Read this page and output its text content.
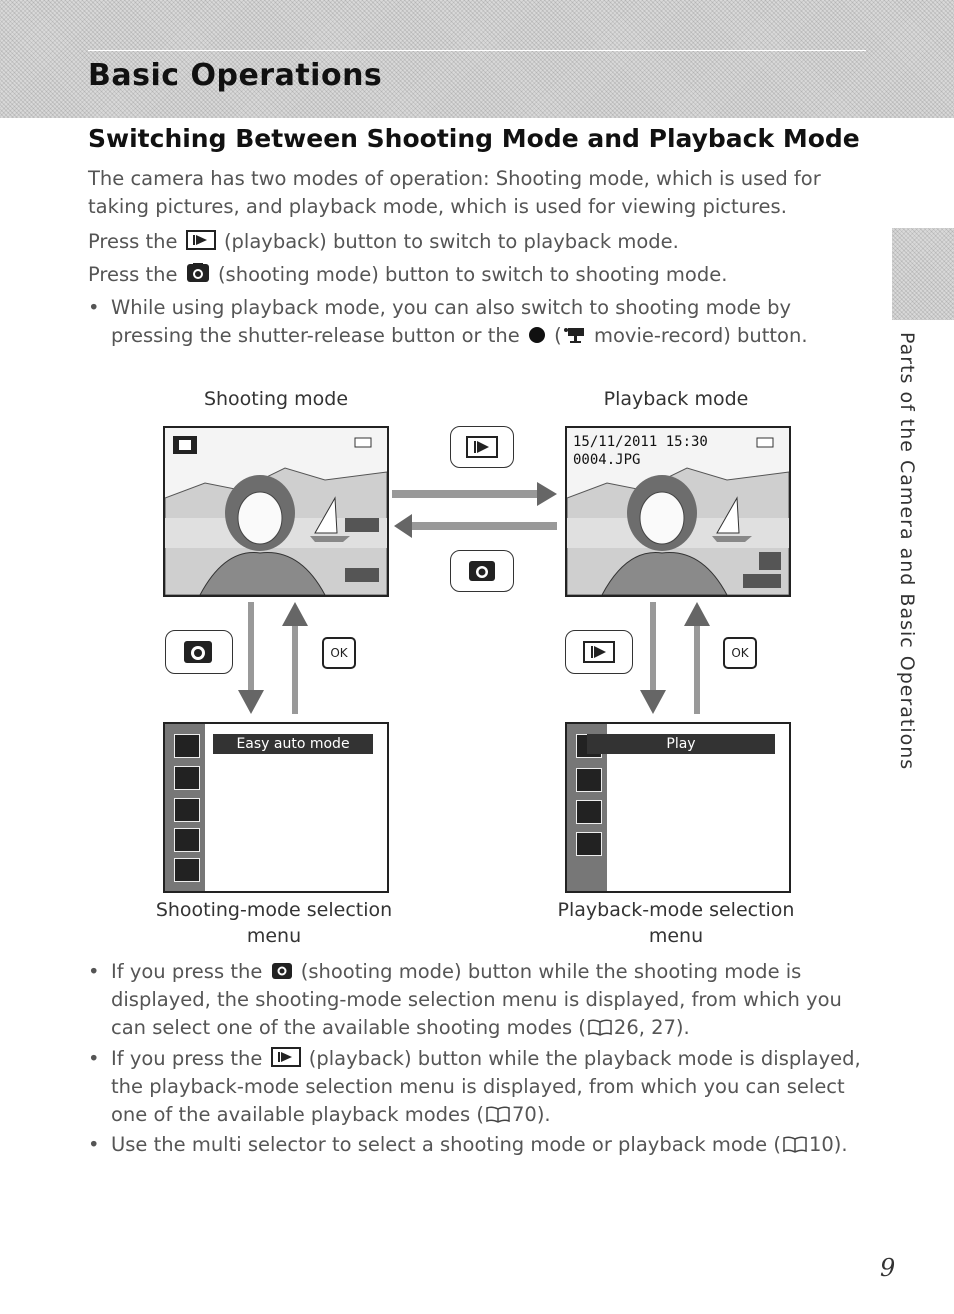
Basic Operations
Parts of the Camera and Basic Operations
Switching Between Shooting Mode and Playback Mode

The camera has two modes of operation: Shooting mode, which is used for taking pictures, and playback mode, which is used for viewing pictures.

Press the (playback) button to switch to playback mode.

Press the (shooting mode) button to switch to shooting mode.

• While using playback mode, you can also switch to shooting mode by pressing the shutter-release button or the  ( movie-record) button.
Shooting mode	Playback mode
15/11/2011 15:30
0004.JPG
OK	OK
Easy auto mode	Play
Shooting-mode selection
menu
Playback-mode selection
menu
• If you press the (shooting mode) button while the shooting mode is displayed, the shooting-mode selection menu is displayed, from which you can select one of the available shooting modes ( 26, 27).
• If you press the (playback) button while the playback mode is displayed, the playback-mode selection menu is displayed, from which you can select one of the available playback modes ( 70).
• Use the multi selector to select a shooting mode or playback mode ( 10).
9
